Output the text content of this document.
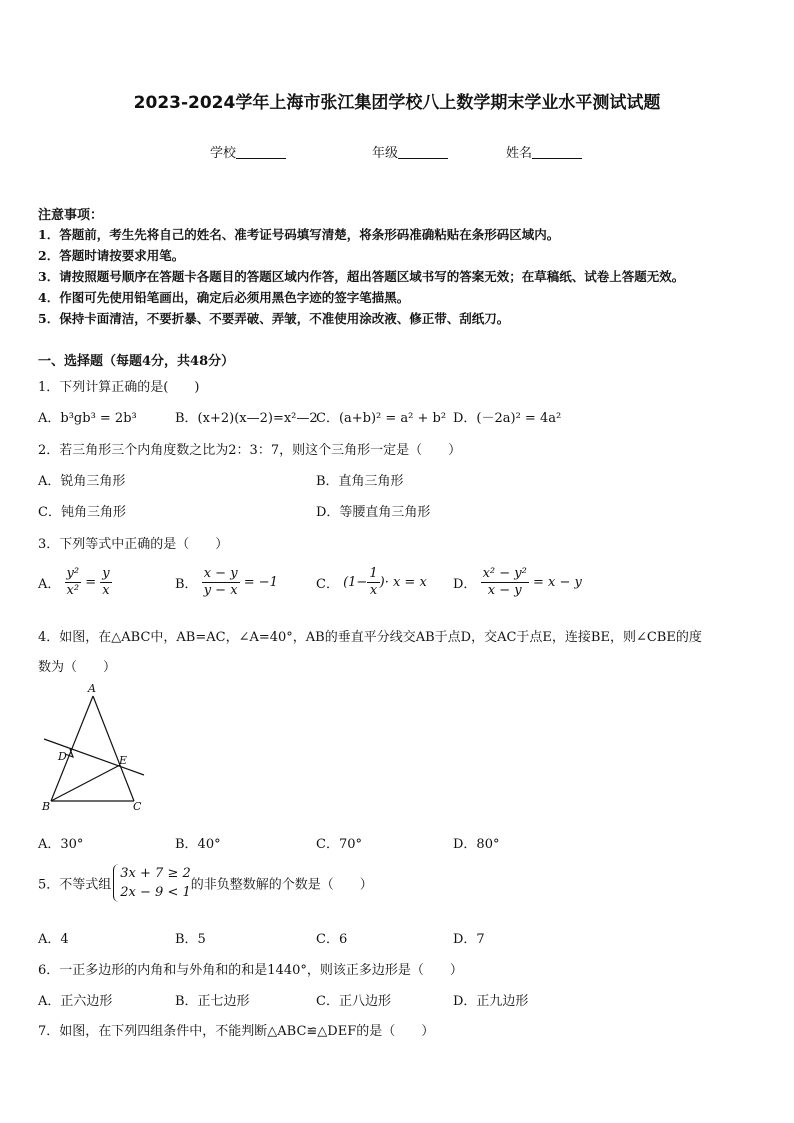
2023-2024学年上海市张江集团学校八上数学期末学业水平测试试题
学校	年级	姓名
注意事项：
1．答题前，考生先将自己的姓名、准考证号码填写清楚，将条形码准确粘贴在条形码区域内。
2．答题时请按要求用笔。
3．请按照题号顺序在答题卡各题目的答题区域内作答，超出答题区域书写的答案无效；在草稿纸、试卷上答题无效。
4．作图可先使用铅笔画出，确定后必须用黑色字迹的签字笔描黑。
5．保持卡面清洁，不要折暴、不要弄破、弄皱，不准使用涂改液、修正带、刮纸刀。
一、选择题（每题4分，共48分）
1．下列计算正确的是(　　)
A．b³gb³ = 2b³	B．(x+2)(x—2)=x²—2
C．(a+b)² = a² + b² D．(－2a)² = 4a²
2．若三角形三个内角度数之比为2：3：7，则这个三角形一定是（　　）
A．锐角三角形	B．直角三角形
C．钝角三角形	D．等腰直角三角形
3．下列等式中正确的是（　　）
A． $\frac{\text{y²}}{\text{x²}} = \frac{y}{x}$	B． $\frac{x - y}{y - x} = -1$	C． ($1- \frac{1}{x}$ )· x = x D． $\frac{\text{x² − y²}}{x - y} = x - y$
4．如图，在△ABC中，AB=AC，∠A=40°，AB的垂直平分线交AB于点D，交AC于点E，连接BE，则∠CBE的度
数为（　　）
A
D	E
B	C
A．30°	B．40°	C．70°	D．80°
5．不等式组
3x + 7 ≥ 2
2x − 9 < 1 的非负整数解的个数是（　　）
A．4	B．5	C．6	D．7
6．一正多边形的内角和与外角和的和是1440°，则该正多边形是（　　）
A．正六边形	B．正七边形	C．正八边形	D．正九边形
7．如图，在下列四组条件中，不能判断△ABC≌△DEF的是（　　）
